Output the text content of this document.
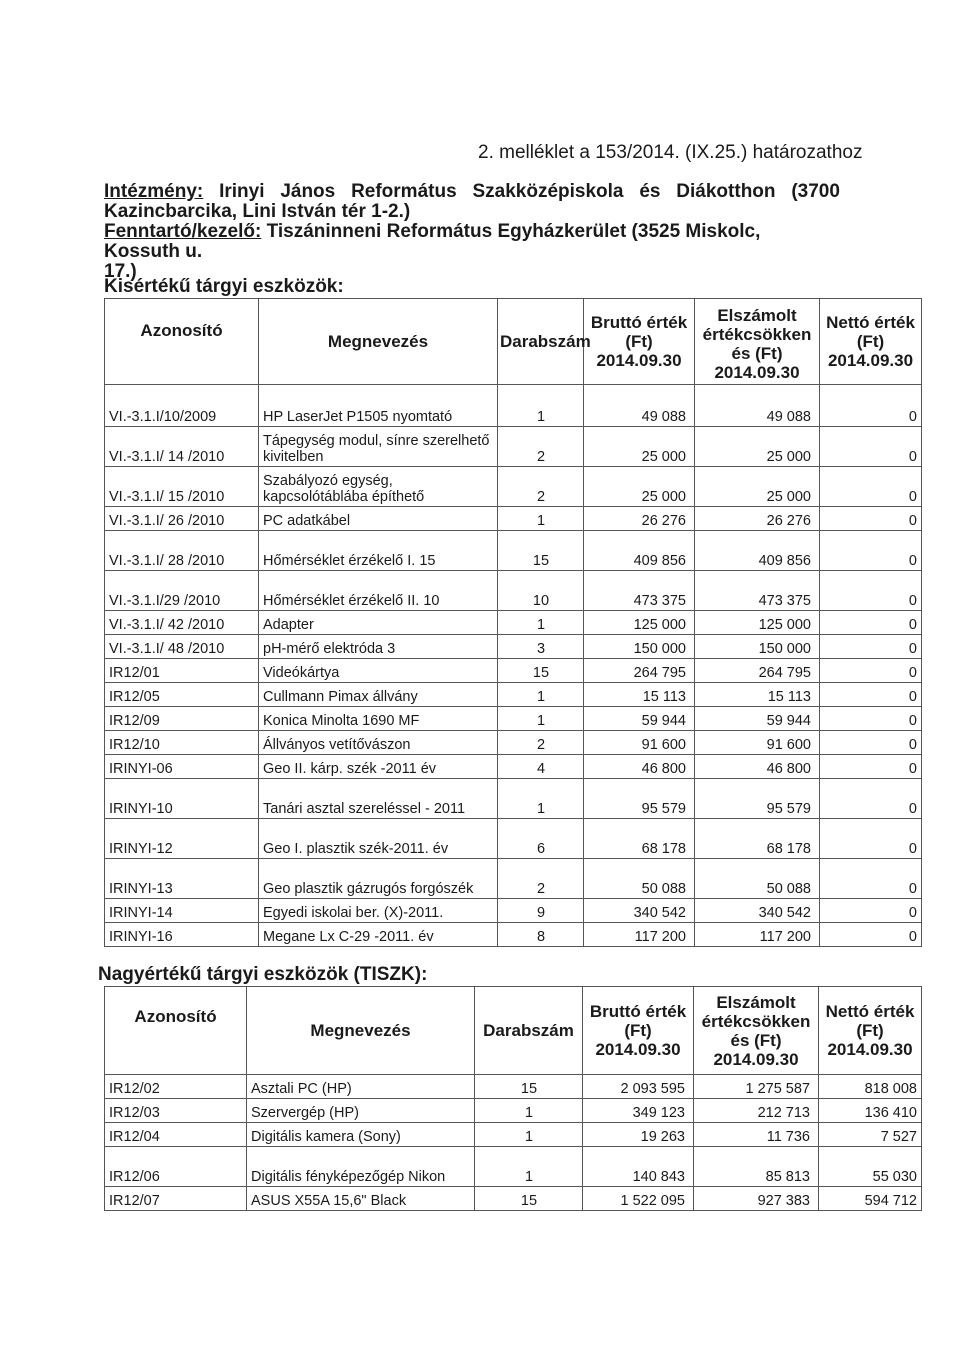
2. melléklet a 153/2014. (IX.25.) határozathoz
Intézmény: Irinyi János Református Szakközépiskola és Diákotthon (3700
Kazincbarcika, Lini István tér 1-2.)
Fenntartó/kezelő: Tiszáninneni Református Egyházkerület (3525 Miskolc, Kossuth u.
17.)
Kisértékű tárgyi eszközök:
Azonosító	Megnevezés	Darabszám	Bruttó érték (Ft) 2014.09.30	Elszámolt értékcsökken és (Ft) 2014.09.30	Nettó érték (Ft) 2014.09.30
VI.-3.1.I/10/2009	HP LaserJet P1505 nyomtató	1	49 088	49 088	0
VI.-3.1.I/ 14 /2010	Tápegység modul, sínre szerelhető kivitelben	2	25 000	25 000	0
VI.-3.1.I/ 15 /2010	Szabályozó egység, kapcsolótáblába építhető	2	25 000	25 000	0
VI.-3.1.I/ 26 /2010	PC adatkábel	1	26 276	26 276	0
VI.-3.1.I/ 28 /2010	Hőmérséklet érzékelő I. 15	15	409 856	409 856	0
VI.-3.1.I/29 /2010	Hőmérséklet érzékelő II. 10	10	473 375	473 375	0
VI.-3.1.I/ 42 /2010	Adapter	1	125 000	125 000	0
VI.-3.1.I/ 48 /2010	pH-mérő elektróda 3	3	150 000	150 000	0
IR12/01	Videókártya	15	264 795	264 795	0
IR12/05	Cullmann Pimax állvány	1	15 113	15 113	0
IR12/09	Konica Minolta 1690 MF	1	59 944	59 944	0
IR12/10	Állványos vetítővászon	2	91 600	91 600	0
IRINYI-06	Geo II. kárp. szék -2011 év	4	46 800	46 800	0
IRINYI-10	Tanári asztal szereléssel - 2011	1	95 579	95 579	0
IRINYI-12	Geo I. plasztik szék-2011. év	6	68 178	68 178	0
IRINYI-13	Geo plasztik gázrugós forgószék	2	50 088	50 088	0
IRINYI-14	Egyedi iskolai ber. (X)-2011.	9	340 542	340 542	0
IRINYI-16	Megane Lx C-29 -2011. év	8	117 200	117 200	0
Nagyértékű tárgyi eszközök (TISZK):
Azonosító	Megnevezés	Darabszám	Bruttó érték (Ft) 2014.09.30	Elszámolt értékcsökken és (Ft) 2014.09.30	Nettó érték (Ft) 2014.09.30
IR12/02	Asztali PC (HP)	15	2 093 595	1 275 587	818 008
IR12/03	Szervergép (HP)	1	349 123	212 713	136 410
IR12/04	Digitális kamera (Sony)	1	19 263	11 736	7 527
IR12/06	Digitális fényképezőgép Nikon	1	140 843	85 813	55 030
IR12/07	ASUS X55A 15,6" Black	15	1 522 095	927 383	594 712
